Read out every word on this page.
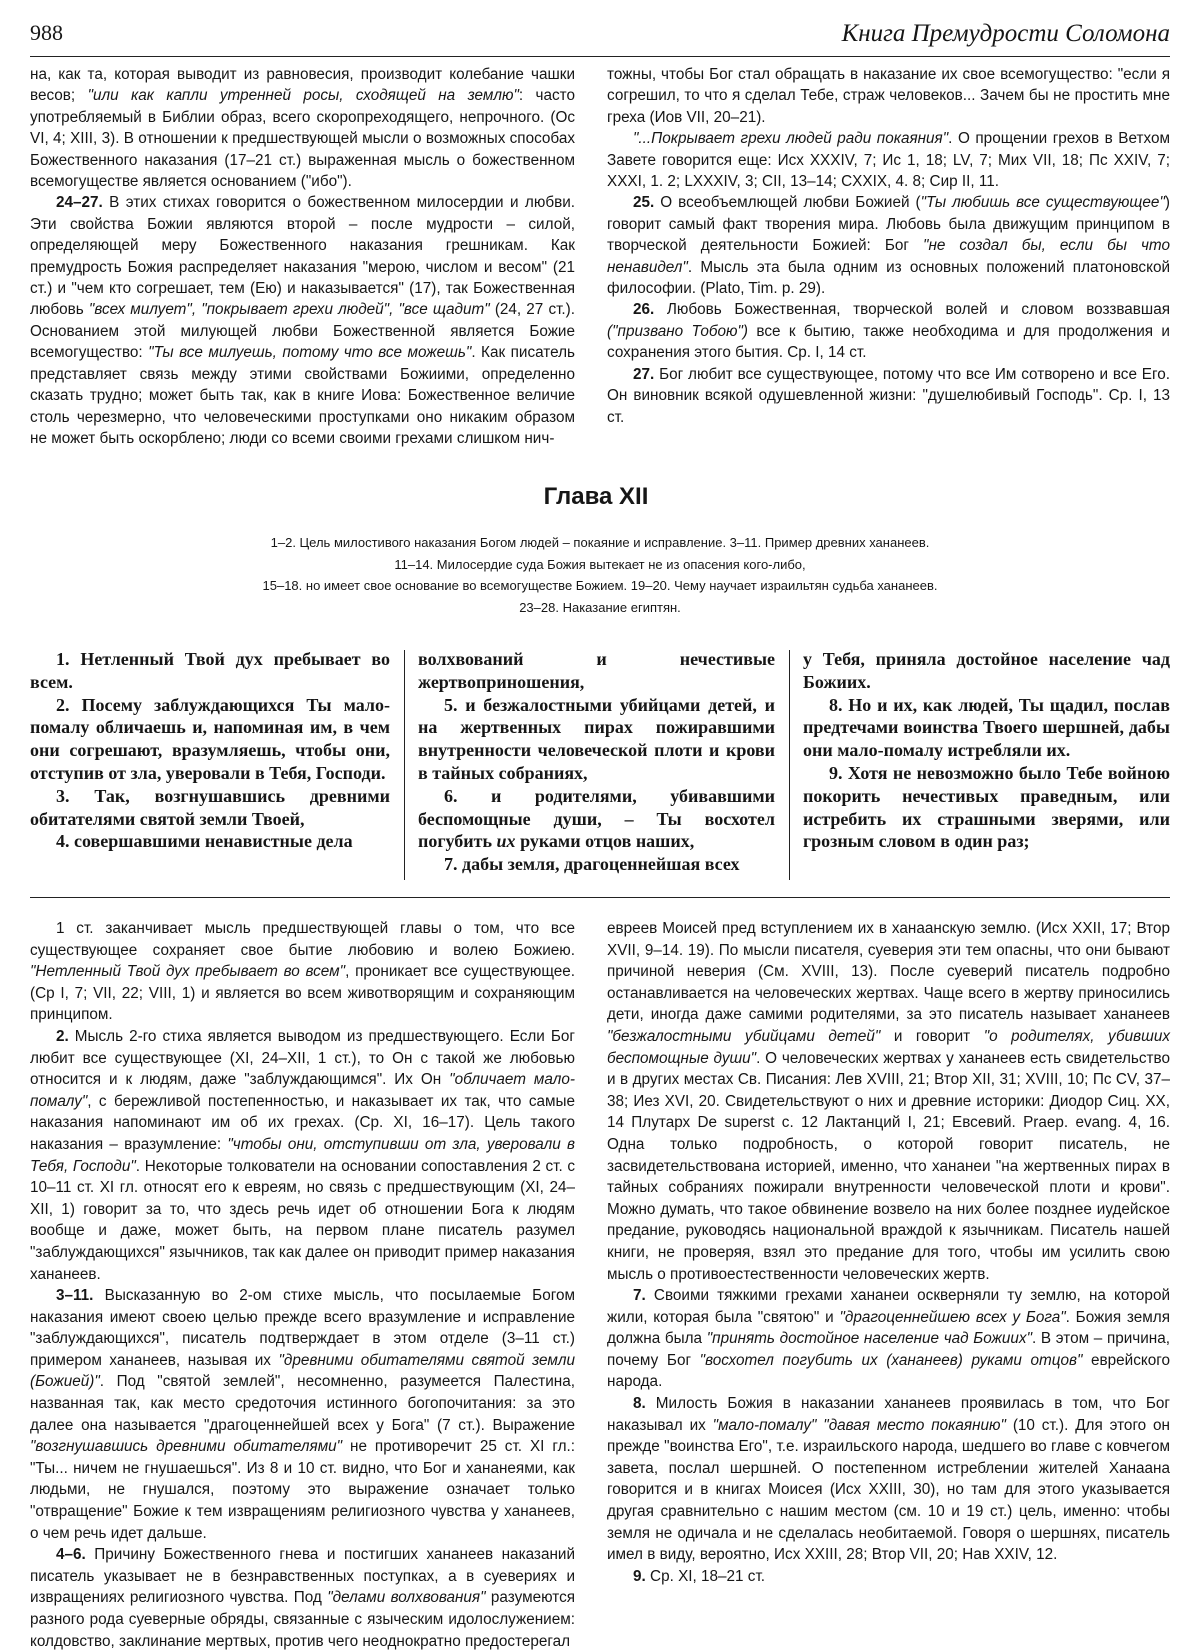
988	Книга Премудрости Соломона

на, как та, которая выводит из равновесия, производит колебание чашки весов; "или как капли утренней росы, сходящей на землю": часто употребляемый в Библии образ, всего скоропреходящего, непрочного. (Ос VI, 4; XIII, 3). В отношении к предшествующей мысли о возможных способах Божественного наказания (17–21 ст.) выраженная мысль о божественном всемогуществе является основанием ("ибо").

24–27. В этих стихах говорится о божественном милосердии и любви. Эти свойства Божии являются второй – после мудрости – силой, определяющей меру Божественного наказания грешникам. Как премудрость Божия распределяет наказания "мерою, числом и весом" (21 ст.) и "чем кто согрешает, тем (Ею) и наказывается" (17), так Божественная любовь "всех милует", "покрывает грехи людей", "все щадит" (24, 27 ст.). Основанием этой милующей любви Божественной является Божие всемогущество: "Ты все милуешь, потому что все можешь". Как писатель представляет связь между этими свойствами Божиими, определенно сказать трудно; может быть так, как в книге Иова: Божественное величие столь черезмерно, что человеческими проступками оно никаким образом не может быть оскорблено; люди со всеми своими грехами слишком нич-

тожны, чтобы Бог стал обращать в наказание их свое всемогущество: "если я согрешил, то что я сделал Тебе, страж человеков... Зачем бы не простить мне греха (Иов VII, 20–21).

"...Покрывает грехи людей ради покаяния". О прощении грехов в Ветхом Завете говорится еще: Исх XXXIV, 7; Ис 1, 18; LV, 7; Мих VII, 18; Пс XXIV, 7; XXXI, 1. 2; LXXXIV, 3; CII, 13–14; CXXIX, 4. 8; Сир II, 11.

25. О всеобъемлющей любви Божией ("Ты любишь все существующее") говорит самый факт творения мира. Любовь была движущим принципом в творческой деятельности Божией: Бог "не создал бы, если бы что ненавидел". Мысль эта была одним из основных положений платоновской философии. (Plato, Tim. p. 29).

26. Любовь Божественная, творческой волей и словом воззвавшая ("призвано Тобою") все к бытию, также необходима и для продолжения и сохранения этого бытия. Ср. I, 14 ст.

27. Бог любит все существующее, потому что все Им сотворено и все Его. Он виновник всякой одушевленной жизни: "душелюбивый Господь". Ср. I, 13 ст.

Глава XII
1–2. Цель милостивого наказания Богом людей – покаяние и исправление. 3–11. Пример древних хананеев.
11–14. Милосердие суда Божия вытекает не из опасения кого-либо,
15–18. но имеет свое основание во всемогуществе Божием. 19–20. Чему научает израильтян судьба хананеев.
23–28. Наказание египтян.

1. Нетленный Твой дух пребывает во всем.

2. Посему заблуждающихся Ты мало-помалу обличаешь и, напоминая им, в чем они согрешают, вразумляешь, чтобы они, отступив от зла, уверовали в Тебя, Господи.

3. Так, возгнушавшись древними обитателями святой земли Твоей,

4. совершавшими ненавистные дела

волхвований и нечестивые жертвоприношения,

5. и безжалостными убийцами детей, и на жертвенных пирах пожиравшими внутренности человеческой плоти и крови в тайных собраниях,

6. и родителями, убивавшими беспомощные души, – Ты восхотел погубить их руками отцов наших,

7. дабы земля, драгоценнейшая всех

у Тебя, приняла достойное население чад Божиих.

8. Но и их, как людей, Ты щадил, послав предтечами воинства Твоего шершней, дабы они мало-помалу истребляли их.

9. Хотя не невозможно было Тебе войною покорить нечестивых праведным, или истребить их страшными зверями, или грозным словом в один раз;

1 ст. заканчивает мысль предшествующей главы о том, что все существующее сохраняет свое бытие любовию и волею Божиею. "Нетленный Твой дух пребывает во всем", проникает все существующее. (Ср I, 7; VII, 22; VIII, 1) и является во всем животворящим и сохраняющим принципом.

2. Мысль 2-го стиха является выводом из предшествующего. Если Бог любит все существующее (XI, 24–XII, 1 ст.), то Он с такой же любовью относится и к людям, даже "заблуждающимся". Их Он "обличает мало-помалу", с бережливой постепенностью, и наказывает их так, что самые наказания напоминают им об их грехах. (Ср. XI, 16–17). Цель такого наказания – вразумление: "чтобы они, отступивши от зла, уверовали в Тебя, Господи". Некоторые толкователи на основании сопоставления 2 ст. с 10–11 ст. XI гл. относят его к евреям, но связь с предшествующим (XI, 24–XII, 1) говорит за то, что здесь речь идет об отношении Бога к людям вообще и даже, может быть, на первом плане писатель разумел "заблуждающихся" язычников, так как далее он приводит пример наказания хананеев.

3–11. Высказанную во 2-ом стихе мысль, что посылаемые Богом наказания имеют своею целью прежде всего вразумление и исправление "заблуждающихся", писатель подтверждает в этом отделе (3–11 ст.) примером хананеев, называя их "древними обитателями святой земли (Божией)". Под "святой землей", несомненно, разумеется Палестина, названная так, как место средоточия истинного богопочитания: за это далее она называется "драгоценнейшей всех у Бога" (7 ст.). Выражение "возгнушавшись древними обитателями" не противоречит 25 ст. XI гл.: "Ты... ничем не гнушаешься". Из 8 и 10 ст. видно, что Бог и хананеями, как людьми, не гнушался, поэтому это выражение означает только "отвращение" Божие к тем извращениям религиозного чувства у хананеев, о чем речь идет дальше.

4–6. Причину Божественного гнева и постигших хананеев наказаний писатель указывает не в безнравственных поступках, а в суевериях и извращениях религиозного чувства. Под "делами волхвования" разумеются разного рода суеверные обряды, связанные с языческим идолослужением: колдовство, заклинание мертвых, против чего неоднократно предостерегал

евреев Моисей пред вступлением их в ханаанскую землю. (Исх XXII, 17; Втор XVII, 9–14. 19). По мысли писателя, суеверия эти тем опасны, что они бывают причиной неверия (См. XVIII, 13). После суеверий писатель подробно останавливается на человеческих жертвах. Чаще всего в жертву приносились дети, иногда даже самими родителями, за это писатель называет хананеев "безжалостными убийцами детей" и говорит "о родителях, убивших беспомощные души". О человеческих жертвах у хананеев есть свидетельство и в других местах Св. Писания: Лев XVIII, 21; Втор XII, 31; XVIII, 10; Пс CV, 37–38; Иез XVI, 20. Свидетельствуют о них и древние историки: Диодор Сиц. XX, 14 Плутарх De superst c. 12 Лактанций I, 21; Евсевий. Praep. evang. 4, 16. Одна только подробность, о которой говорит писатель, не засвидетельствована историей, именно, что хананеи "на жертвенных пирах в тайных собраниях пожирали внутренности человеческой плоти и крови". Можно думать, что такое обвинение возвело на них более позднее иудейское предание, руководясь национальной враждой к язычникам. Писатель нашей книги, не проверяя, взял это предание для того, чтобы им усилить свою мысль о противоестественности человеческих жертв.

7. Своими тяжкими грехами хананеи оскверняли ту землю, на которой жили, которая была "святою" и "драгоценнейшею всех у Бога". Божия земля должна была "принять достойное население чад Божиих". В этом – причина, почему Бог "восхотел погубить их (хананеев) руками отцов" еврейского народа.

8. Милость Божия в наказании хананеев проявилась в том, что Бог наказывал их "мало-помалу" "давая место покаянию" (10 ст.). Для этого он прежде "воинства Его", т.е. израильского народа, шедшего во главе с ковчегом завета, послал шершней. О постепенном истреблении жителей Ханаана говорится и в книгах Моисея (Исх XXIII, 30), но там для этого указывается другая сравнительно с нашим местом (см. 10 и 19 ст.) цель, именно: чтобы земля не одичала и не сделалась необитаемой. Говоря о шершнях, писатель имел в виду, вероятно, Исх XXIII, 28; Втор VII, 20; Нав XXIV, 12.

9. Ср. XI, 18–21 ст.
